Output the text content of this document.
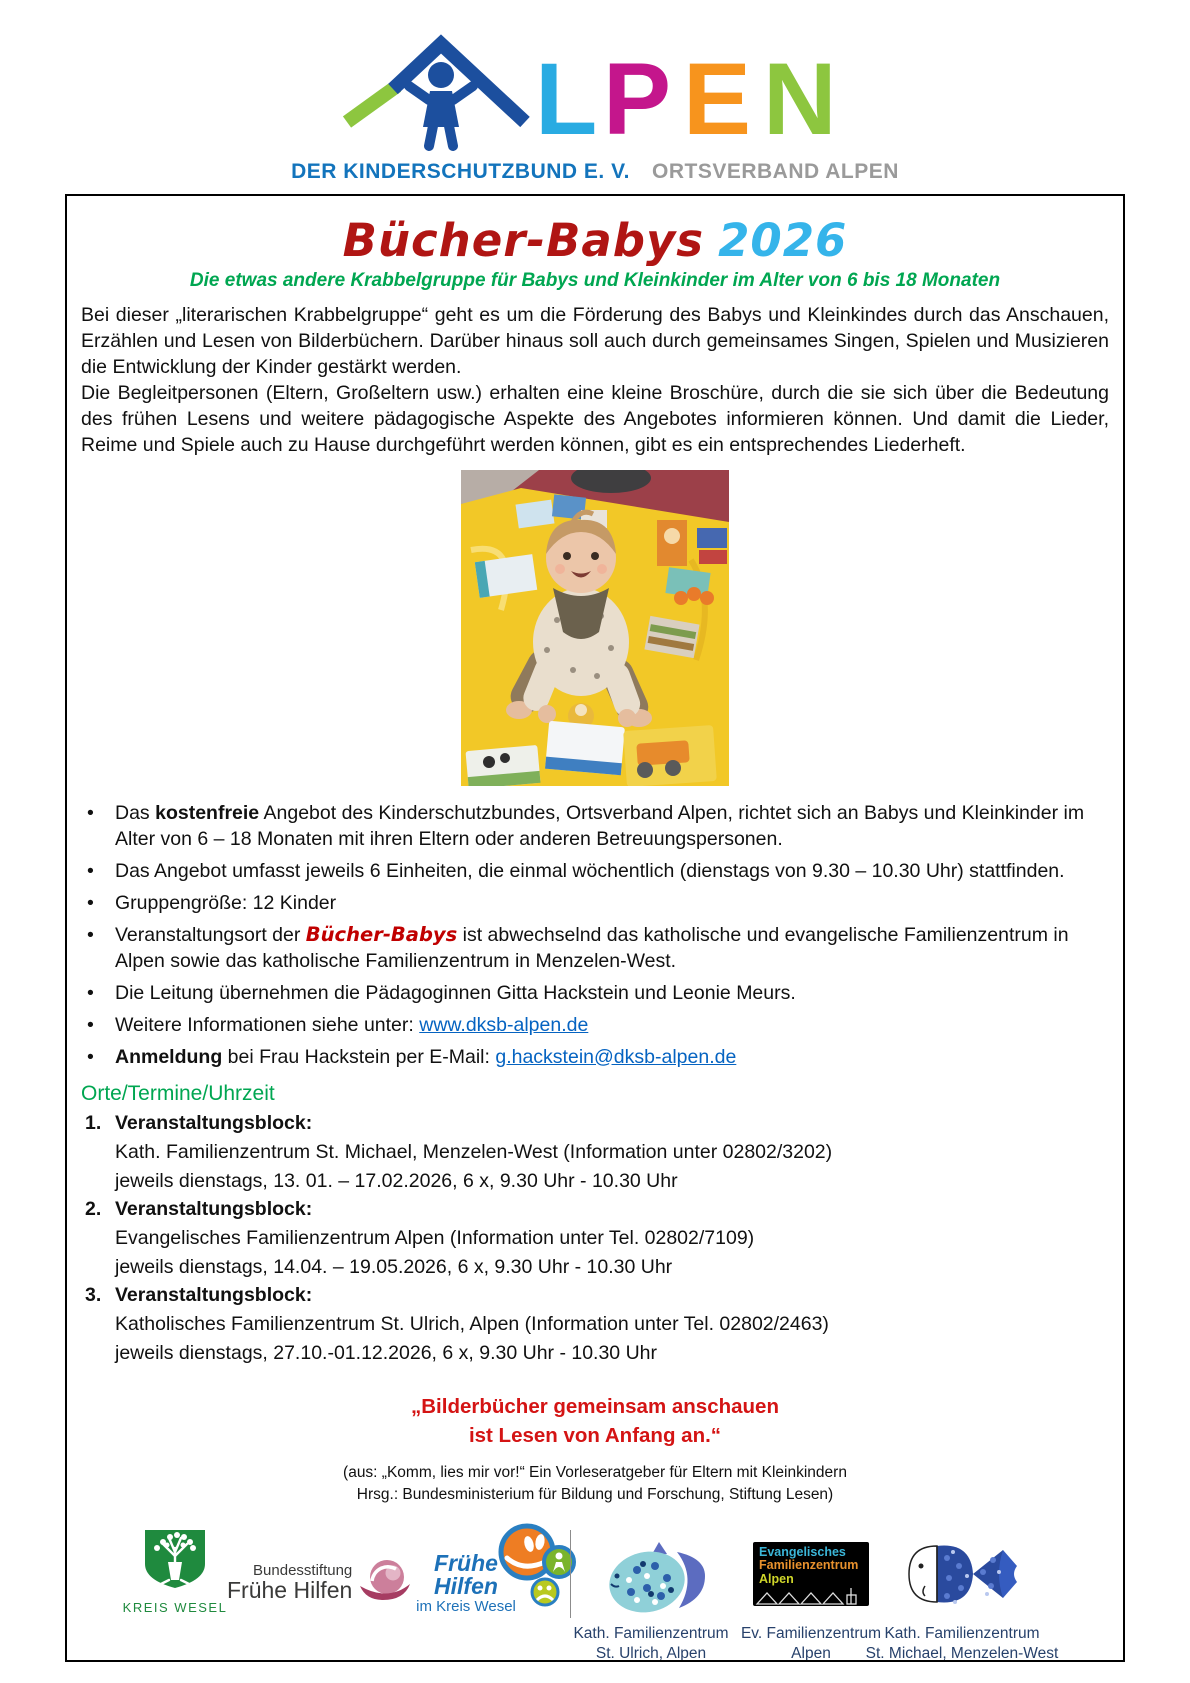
L P E N
DER KINDERSCHUTZBUND E. V. ORTSVERBAND ALPEN
Bücher-Babys 2026
Die etwas andere Krabbelgruppe für Babys und Kleinkinder im Alter von 6 bis 18 Monaten

Bei dieser „literarischen Krabbelgruppe“ geht es um die Förderung des Babys und Kleinkindes durch das Anschauen, Erzählen und Lesen von Bilderbüchern. Darüber hinaus soll auch durch gemeinsames Singen, Spielen und Musizieren die Entwicklung der Kinder gestärkt werden.

Die Begleitpersonen (Eltern, Großeltern usw.) erhalten eine kleine Broschüre, durch die sie sich über die Bedeutung des frühen Lesens und weitere pädagogische Aspekte des Angebotes informieren können. Und damit die Lieder, Reime und Spiele auch zu Hause durchgeführt werden können, gibt es ein entsprechendes Liederheft.

• Das kostenfreie Angebot des Kinderschutzbundes, Ortsverband Alpen, richtet sich an Babys und Kleinkinder im Alter von 6 – 18 Monaten mit ihren Eltern oder anderen Betreuungspersonen.
• Das Angebot umfasst jeweils 6 Einheiten, die einmal wöchentlich (dienstags von 9.30 – 10.30 Uhr) stattfinden.
• Gruppengröße: 12 Kinder
• Veranstaltungsort der Bücher-Babys ist abwechselnd das katholische und evangelische Familienzentrum in Alpen sowie das katholische Familienzentrum in Menzelen-West.
• Die Leitung übernehmen die Pädagoginnen Gitta Hackstein und Leonie Meurs.
• Weitere Informationen siehe unter: www.dksb-alpen.de
• Anmeldung bei Frau Hackstein per E-Mail: g.hackstein@dksb-alpen.de
Orte/Termine/Uhrzeit
1. Veranstaltungsblock:
Kath. Familienzentrum St. Michael, Menzelen-West (Information unter 02802/3202)
jeweils dienstags, 13. 01. – 17.02.2026, 6 x, 9.30 Uhr - 10.30 Uhr
2. Veranstaltungsblock:
Evangelisches Familienzentrum Alpen (Information unter Tel. 02802/7109)
jeweils dienstags, 14.04. – 19.05.2026, 6 x, 9.30 Uhr - 10.30 Uhr
3. Veranstaltungsblock:
Katholisches Familienzentrum St. Ulrich, Alpen (Information unter Tel. 02802/2463)
jeweils dienstags, 27.10.-01.12.2026, 6 x, 9.30 Uhr - 10.30 Uhr
„Bilderbücher gemeinsam anschauen
ist Lesen von Anfang an.“
(aus: „Komm, lies mir vor!“ Ein Vorleseratgeber für Eltern mit Kleinkindern
Hrsg.: Bundesministerium für Bildung und Forschung, Stiftung Lesen)
KREIS WESEL
Bundesstiftung
Frühe Hilfen
Frühe Hilfen
im Kreis Wesel
Evangelisches
Familienzentrum
Alpen
Kath. Familienzentrum
St. Ulrich, Alpen
Ev. Familienzentrum
Alpen
Kath. Familienzentrum
St. Michael, Menzelen-West
